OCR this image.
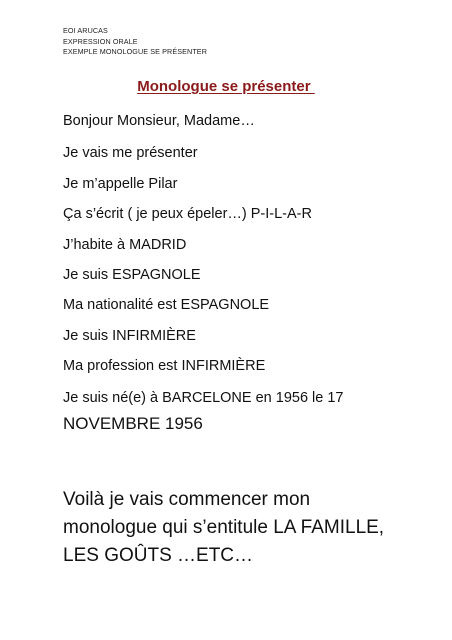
EOI ARUCAS
EXPRESSION ORALE
EXEMPLE MONOLOGUE SE PRÉSENTER
Monologue se présenter
Bonjour Monsieur, Madame…
Je vais me présenter
Je m’appelle Pilar
Ça s’écrit ( je peux épeler…) P-I-L-A-R
J’habite à MADRID
Je suis ESPAGNOLE
Ma nationalité est ESPAGNOLE
Je suis INFIRMIÈRE
Ma profession est INFIRMIÈRE
Je suis né(e) à BARCELONE en 1956 le 17
NOVEMBRE 1956
Voilà je vais commencer mon monologue qui s’entitule LA FAMILLE, LES GOÛTS …ETC…
